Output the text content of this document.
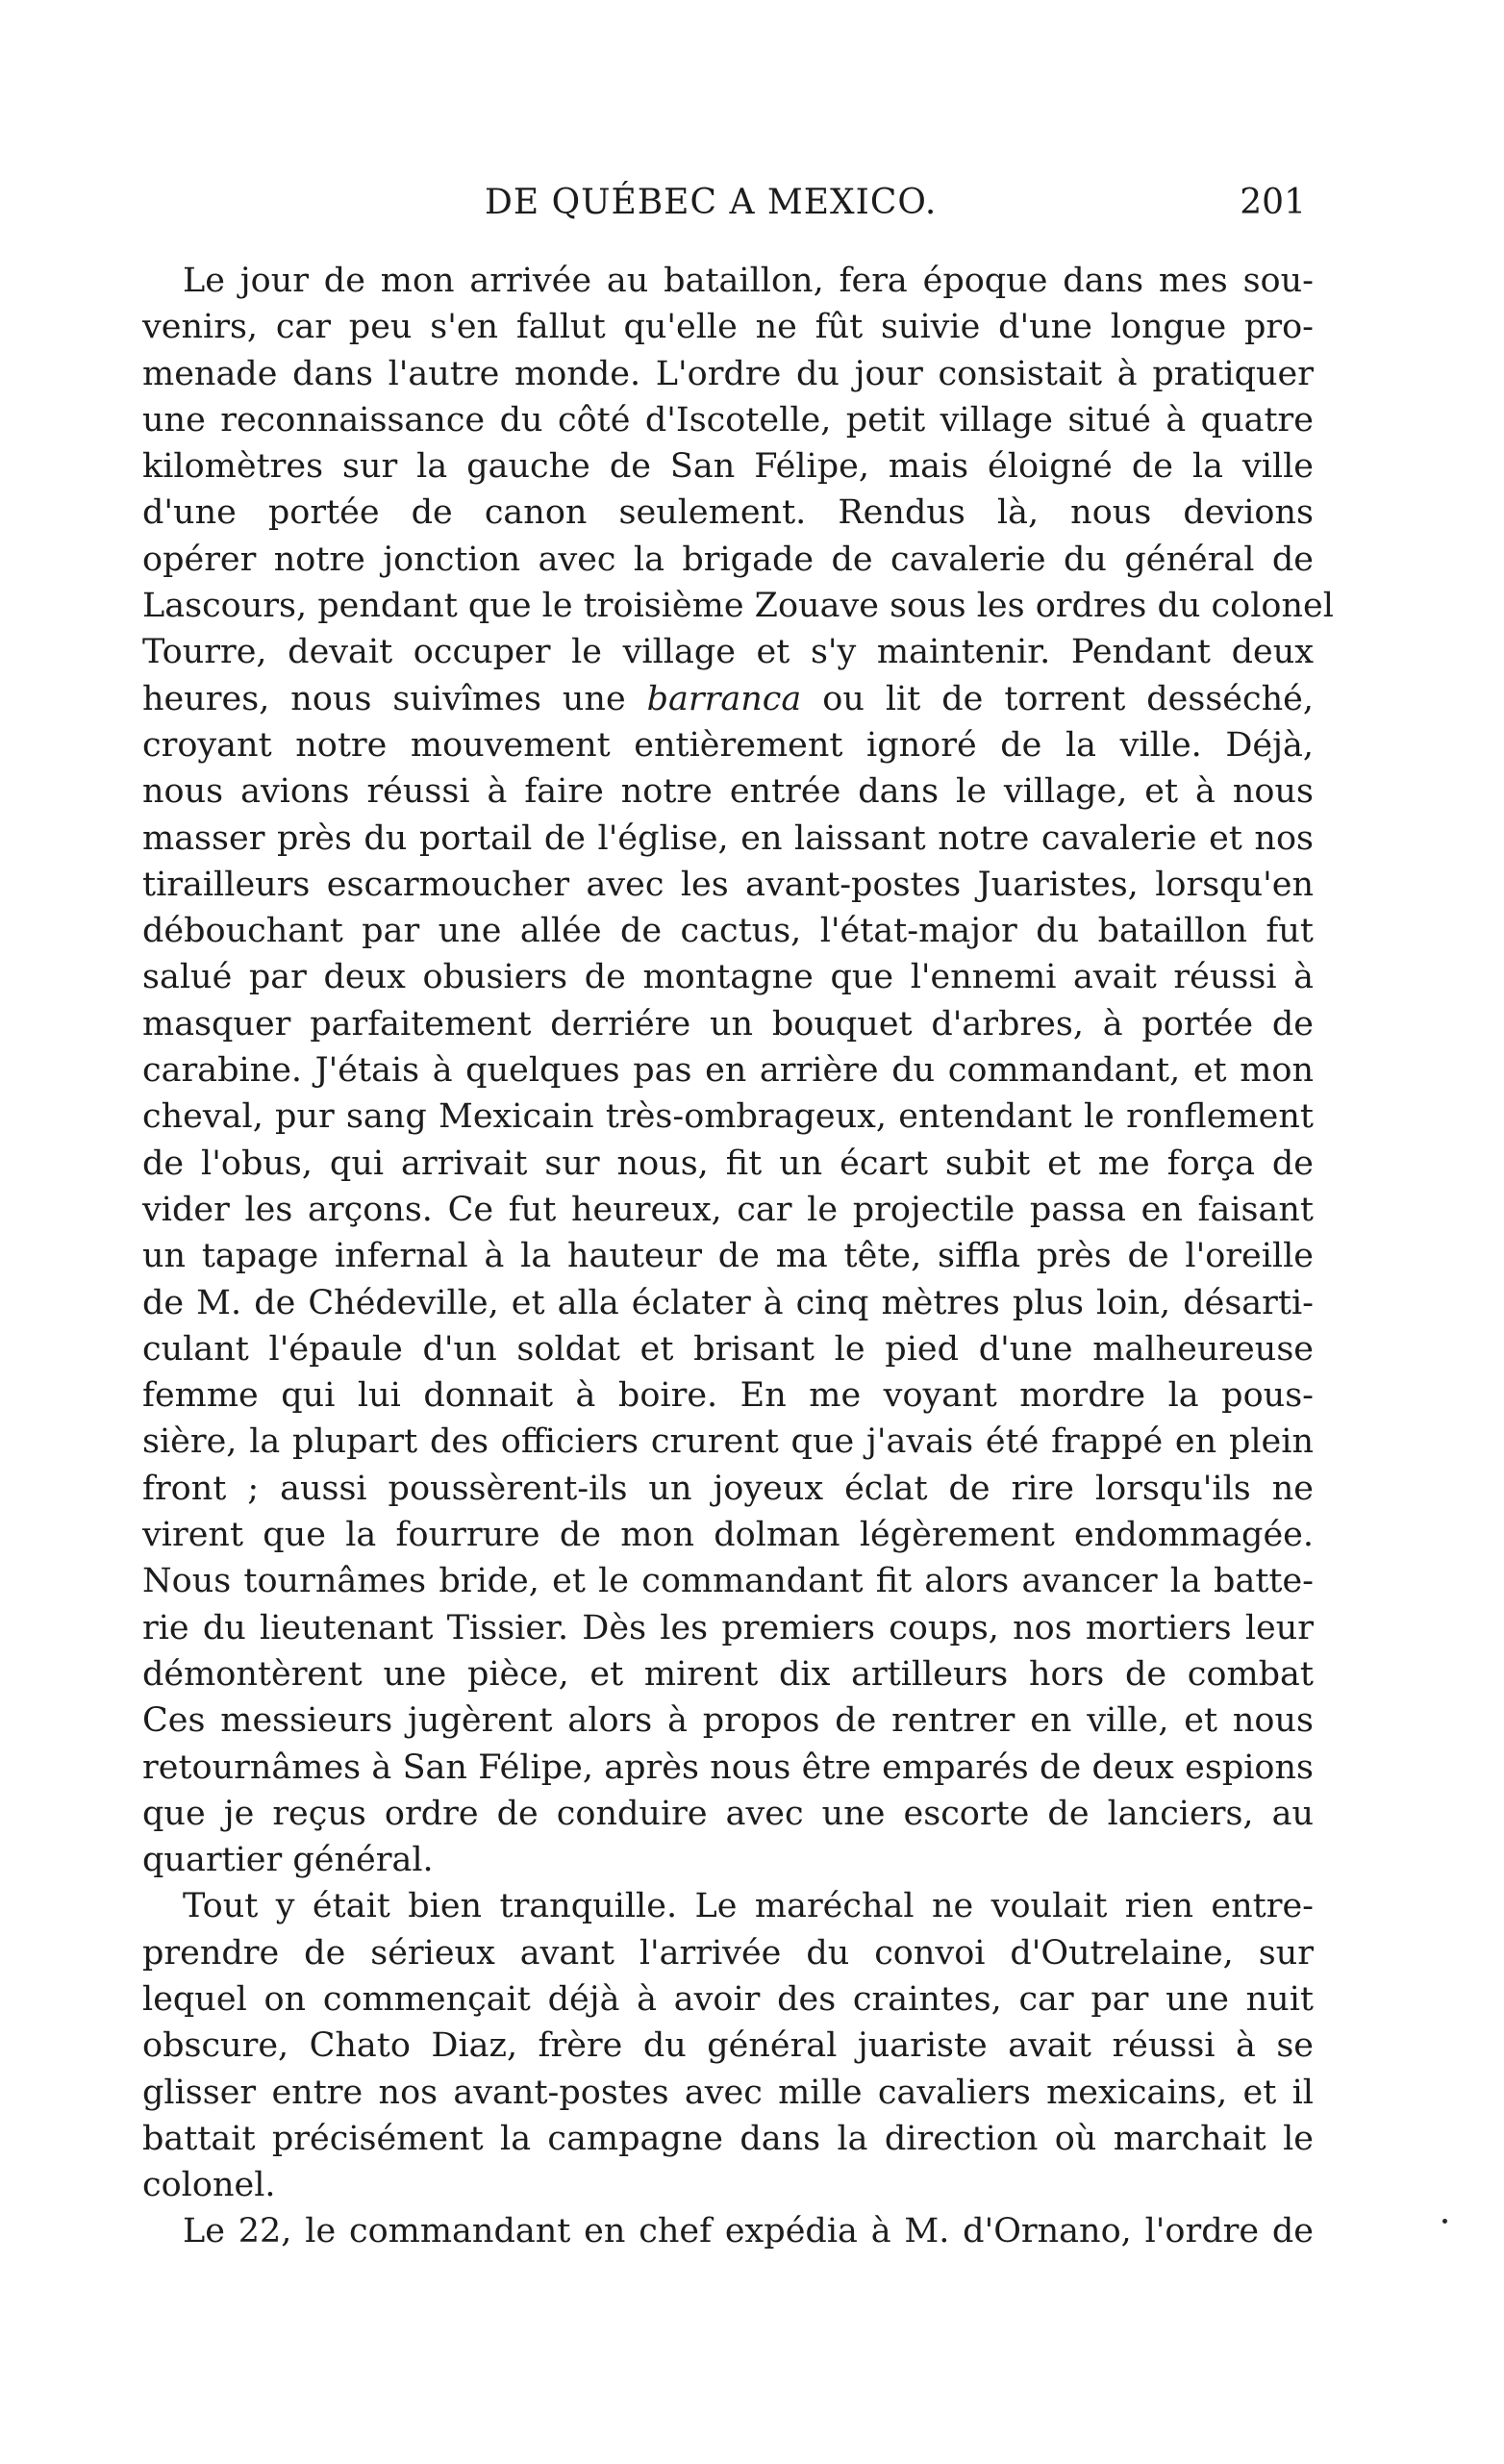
DE QUÉBEC A MEXICO.	201
Le jour de mon arrivée au bataillon, fera époque dans mes sou-
venirs, car peu s'en fallut qu'elle ne fût suivie d'une longue pro-
menade dans l'autre monde. L'ordre du jour consistait à pratiquer
une reconnaissance du côté d'Iscotelle, petit village situé à quatre
kilomètres sur la gauche de San Félipe, mais éloigné de la ville
d'une portée de canon seulement. Rendus là, nous devions
opérer notre jonction avec la brigade de cavalerie du général de
Lascours, pendant que le troisième Zouave sous les ordres du colonel
Tourre, devait occuper le village et s'y maintenir. Pendant deux
heures, nous suivîmes une barranca ou lit de torrent desséché,
croyant notre mouvement entièrement ignoré de la ville. Déjà,
nous avions réussi à faire notre entrée dans le village, et à nous
masser près du portail de l'église, en laissant notre cavalerie et nos
tirailleurs escarmoucher avec les avant-postes Juaristes, lorsqu'en
débouchant par une allée de cactus, l'état-major du bataillon fut
salué par deux obusiers de montagne que l'ennemi avait réussi à
masquer parfaitement derriére un bouquet d'arbres, à portée de
carabine. J'étais à quelques pas en arrière du commandant, et mon
cheval, pur sang Mexicain très-ombrageux, entendant le ronflement
de l'obus, qui arrivait sur nous, fit un écart subit et me força de
vider les arçons. Ce fut heureux, car le projectile passa en faisant
un tapage infernal à la hauteur de ma tête, siffla près de l'oreille
de M. de Chédeville, et alla éclater à cinq mètres plus loin, désarti-
culant l'épaule d'un soldat et brisant le pied d'une malheureuse
femme qui lui donnait à boire. En me voyant mordre la pous-
sière, la plupart des officiers crurent que j'avais été frappé en plein
front ; aussi poussèrent-ils un joyeux éclat de rire lorsqu'ils ne
virent que la fourrure de mon dolman légèrement endommagée.
Nous tournâmes bride, et le commandant fit alors avancer la batte-
rie du lieutenant Tissier. Dès les premiers coups, nos mortiers leur
démontèrent une pièce, et mirent dix artilleurs hors de combat
Ces messieurs jugèrent alors à propos de rentrer en ville, et nous
retournâmes à San Félipe, après nous être emparés de deux espions
que je reçus ordre de conduire avec une escorte de lanciers, au
quartier général.
Tout y était bien tranquille. Le maréchal ne voulait rien entre-
prendre de sérieux avant l'arrivée du convoi d'Outrelaine, sur
lequel on commençait déjà à avoir des craintes, car par une nuit
obscure, Chato Diaz, frère du général juariste avait réussi à se
glisser entre nos avant-postes avec mille cavaliers mexicains, et il
battait précisément la campagne dans la direction où marchait le
colonel.
Le 22, le commandant en chef expédia à M. d'Ornano, l'ordre de
